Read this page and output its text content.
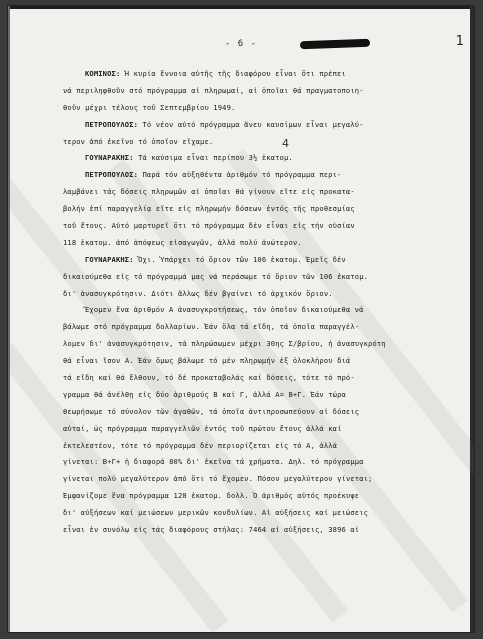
1
- 6 -
4
ΚΟΜΙΝΟΣ: Ἡ κυρία ἔννοια αὐτῆς τῆς διαφόρου εἶναι ὅτι πρέπει
νά περιληφθοῦν στό πρόγραμμα αἱ πληρωμαί, αἱ ὁποῖαι θά πραγματοποιη-
θοῦν μέχρι τέλους τοῦ Σεπτεμβρίου 1949.
ΠΕΤΡΟΠΟΥΛΟΣ: Τό νέον αὐτό πρόγραμμα ἄνευ καυσίμων εἶναι μεγαλύ-
τερον ἀπό ἐκεῖνο τό ὁποῖον εἴχαμε.
ΓΟΥΝΑΡΑΚΗΣ: Τά καύσιμα εἶναι περίπου 3½ ἑκατομ.
ΠΕΤΡΟΠΟΥΛΟΣ: Παρά τόν αὐξηθέντα ἀριθμόν τό πρόγραμμα περι-
λαμβάνει τάς δόσεις πληρωμῶν αἱ ὁποῖαι θά γίνουν εἴτε εἰς προκατα-
βολήν ἐπί παραγγελίᾳ εἴτε εἰς πληρωμήν δόσεων ἐντός τῆς προθεσμίας
τοῦ ἔτους. Αὐτό μαρτυρεῖ ὅτι τό πρόγραμμα δέν εἶναι εἰς τήν οὐσίαν
118 ἑκατομ. ἀπό ἀπόψεως εἰσαγωγῶν, ἀλλά πολύ ἀνώτερον.
ΓΟΥΝΑΡΑΚΗΣ: Ὄχι. Ὑπάρχει τό ὅριον τῶν 106 ἑκατομ. Ἐμεῖς δέν
δικαιούμεθα εἰς τό πρόγραμμά μας νά περάσωμε τό ὅριον τῶν 106 ἑκατομ.
δι' ἀνασυγκρότησιν. Διότι ἄλλως δέν βγαίνει τό ἀρχικόν ὅριον.
Ἔχομεν ἕνα ἀριθμόν Α ἀνασυγκροτήσεως, τόν ὁποῖον δικαιούμεθα νά
βάλωμε στό πρόγραμμα δολλαρίων. Ἐάν ὅλα τά εἴδη, τά ὁποῖα παραγγέλ-
λομεν δι' ἀνασυγκρότησιν, τά πληρώσωμεν μέχρι 30ης Σ/βρίου, ἡ ἀνασυγκρότη
θά εἶναι ἴσον Α. Ἐάν ὅμως βάλωμε τό μέν πληρωμήν ἐξ ὁλοκλήρου διά
τά εἴδη καί θά ἔλθουν, τό δέ προκαταβολάς καί δόσεις, τότε τό πρό-
γραμμα θά ἀνέλθῃ εἰς δύο ἀριθμούς Β καί Γ, ἀλλά Α= Β+Γ. Ἐάν τώρα
θεωρήσωμε τό σύνολον τῶν ἀγαθῶν, τά ὁποῖα ἀντιπροσωπεύουν αἱ δόσεις
αὐταί, ὡς πρόγραμμα παραγγελιῶν ἐντός τοῦ πρώτου ἔτους ἀλλά καί
ἐκτελεστέον, τότε τό πρόγραμμα δέν περιορίζεται εἰς τό Α, ἀλλά
γίνεται: Β+Γ+ ἡ διαφορά 80% δι' ἐκεῖνα τά χρήματα. Δηλ. τό πρόγραμμα
γίνεται πολύ μεγαλύτερον ἀπό ὅτι τό ἔχομεν. Πόσον μεγαλύτερον γίνεται;
Ἐμφανίζομε ἕνα πρόγραμμα 120 ἑκατομ. δολλ. Ὁ ἀριθμός αὐτός προέκυψε
δι' αὐξήσεων καί μειώσεων μερικῶν κονδυλίων. Αἱ αὐξήσεις καί μειώσεις
εἶναι ἐν συνόλῳ εἰς τάς διαφόρους στήλας: 7464 αἱ αὐξήσεις, 3896 αἱ
